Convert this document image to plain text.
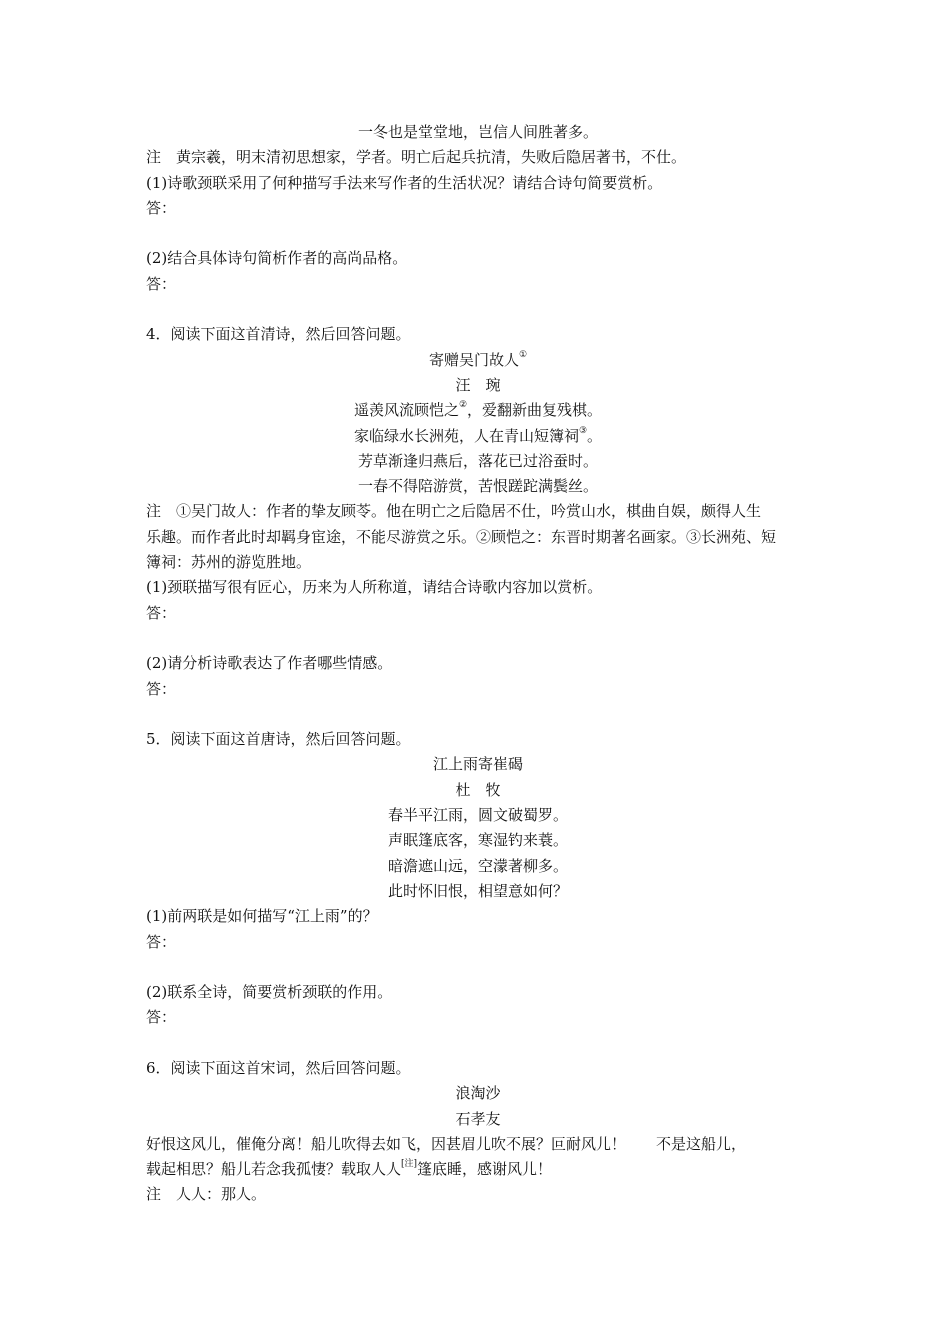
一冬也是堂堂地，岂信人间胜著多。
注　黄宗羲，明末清初思想家，学者。明亡后起兵抗清，失败后隐居著书，不仕。
(1)诗歌颈联采用了何种描写手法来写作者的生活状况？请结合诗句简要赏析。
答：
(2)结合具体诗句简析作者的高尚品格。
答：
4．阅读下面这首清诗，然后回答问题。
寄赠吴门故人①
汪　琬
遥羡风流顾恺之②，爱翻新曲复残棋。
家临绿水长洲苑，人在青山短簿祠③。
芳草渐逢归燕后，落花已过浴蚕时。
一春不得陪游赏，苦恨蹉跎满鬓丝。
注　①吴门故人：作者的挚友顾苓。他在明亡之后隐居不仕，吟赏山水，棋曲自娱，颇得人生
乐趣。而作者此时却羁身宦途，不能尽游赏之乐。②顾恺之：东晋时期著名画家。③长洲苑、短
簿祠：苏州的游览胜地。
(1)颈联描写很有匠心，历来为人所称道，请结合诗歌内容加以赏析。
答：
(2)请分析诗歌表达了作者哪些情感。
答：
5．阅读下面这首唐诗，然后回答问题。
江上雨寄崔碣
杜　牧
春半平江雨，圆文破蜀罗。
声眠篷底客，寒湿钓来蓑。
暗澹遮山远，空濛著柳多。
此时怀旧恨，相望意如何？
(1)前两联是如何描写“江上雨”的？
答：
(2)联系全诗，简要赏析颈联的作用。
答：
6．阅读下面这首宋词，然后回答问题。
浪淘沙
石孝友
好恨这风儿，催俺分离！船儿吹得去如飞，因甚眉儿吹不展？叵耐风儿！　　不是这船儿，
载起相思？船儿若念我孤悽？载取人人[注]篷底睡，感谢风儿！
注　人人：那人。
